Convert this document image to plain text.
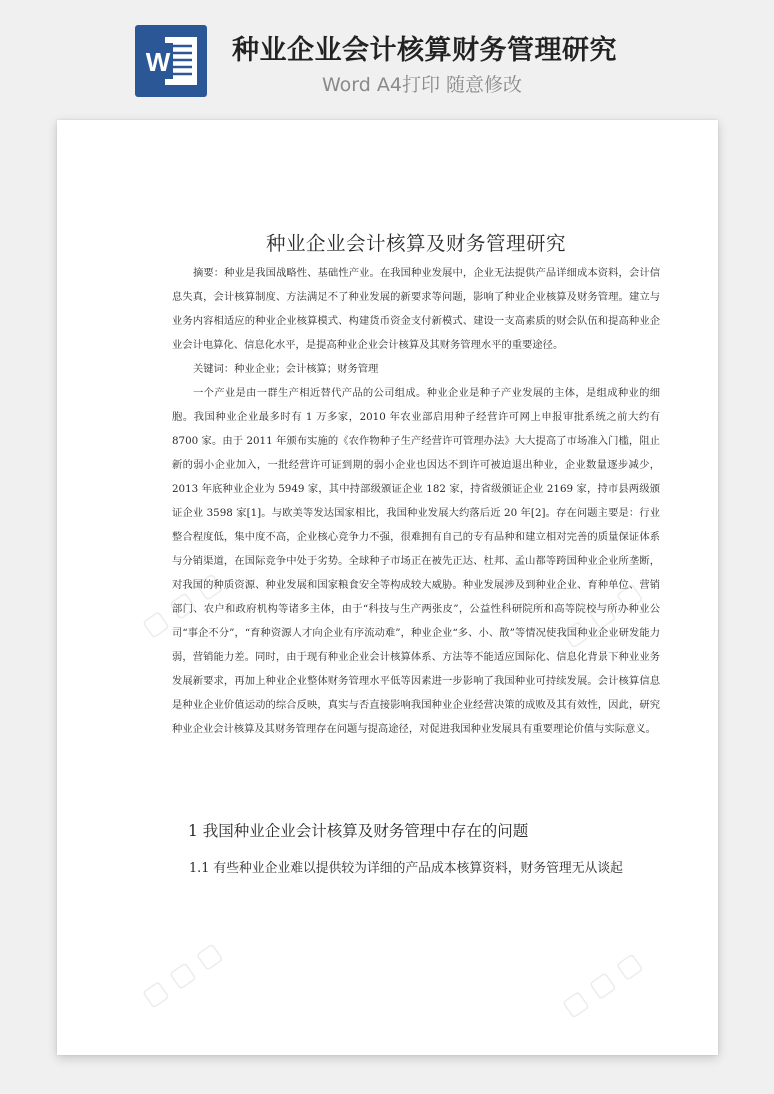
W 种业企业会计核算财务管理研究
Word A4打印 随意修改
▢ ▢ ▢	▢ ▢ ▢
▢ ▢ ▢	▢ ▢ ▢
种业企业会计核算及财务管理研究

摘要：种业是我国战略性、基础性产业。在我国种业发展中，企业无法提供产品详细成本资料，会计信息失真，会计核算制度、方法满足不了种业发展的新要求等问题，影响了种业企业核算及财务管理。建立与业务内容相适应的种业企业核算模式、构建货币资金支付新模式、建设一支高素质的财会队伍和提高种业企业会计电算化、信息化水平，是提高种业企业会计核算及其财务管理水平的重要途径。

关键词：种业企业；会计核算；财务管理

一个产业是由一群生产相近替代产品的公司组成。种业企业是种子产业发展的主体，是组成种业的细胞。我国种业企业最多时有 1 万多家，2010 年农业部启用种子经营许可网上申报审批系统之前大约有 8700 家。由于 2011 年颁布实施的《农作物种子生产经营许可管理办法》大大提高了市场准入门槛，阻止新的弱小企业加入，一批经营许可证到期的弱小企业也因达不到许可被迫退出种业，企业数量逐步减少，2013 年底种业企业为 5949 家，其中持部级颁证企业 182 家，持省级颁证企业 2169 家，持市县两级颁证企业 3598 家[1]。与欧美等发达国家相比，我国种业发展大约落后近 20 年[2]。存在问题主要是：行业整合程度低，集中度不高，企业核心竞争力不强，很难拥有自己的专有品种和建立相对完善的质量保证体系与分销渠道，在国际竞争中处于劣势。全球种子市场正在被先正达、杜邦、孟山都等跨国种业企业所垄断，对我国的种质资源、种业发展和国家粮食安全等构成较大威胁。种业发展涉及到种业企业、育种单位、营销部门、农户和政府机构等诸多主体，由于“科技与生产两张皮”，公益性科研院所和高等院校与所办种业公司“事企不分”，“育种资源人才向企业有序流动难”，种业企业“多、小、散”等情况使我国种业企业研发能力弱，营销能力差。同时，由于现有种业企业会计核算体系、方法等不能适应国际化、信息化背景下种业业务发展新要求，再加上种业企业整体财务管理水平低等因素进一步影响了我国种业可持续发展。会计核算信息是种业企业价值运动的综合反映，真实与否直接影响我国种业企业经营决策的成败及其有效性，因此，研究种业企业会计核算及其财务管理存在问题与提高途径，对促进我国种业发展具有重要理论价值与实际意义。

1 我国种业企业会计核算及财务管理中存在的问题
1.1 有些种业企业难以提供较为详细的产品成本核算资料，财务管理无从谈起
